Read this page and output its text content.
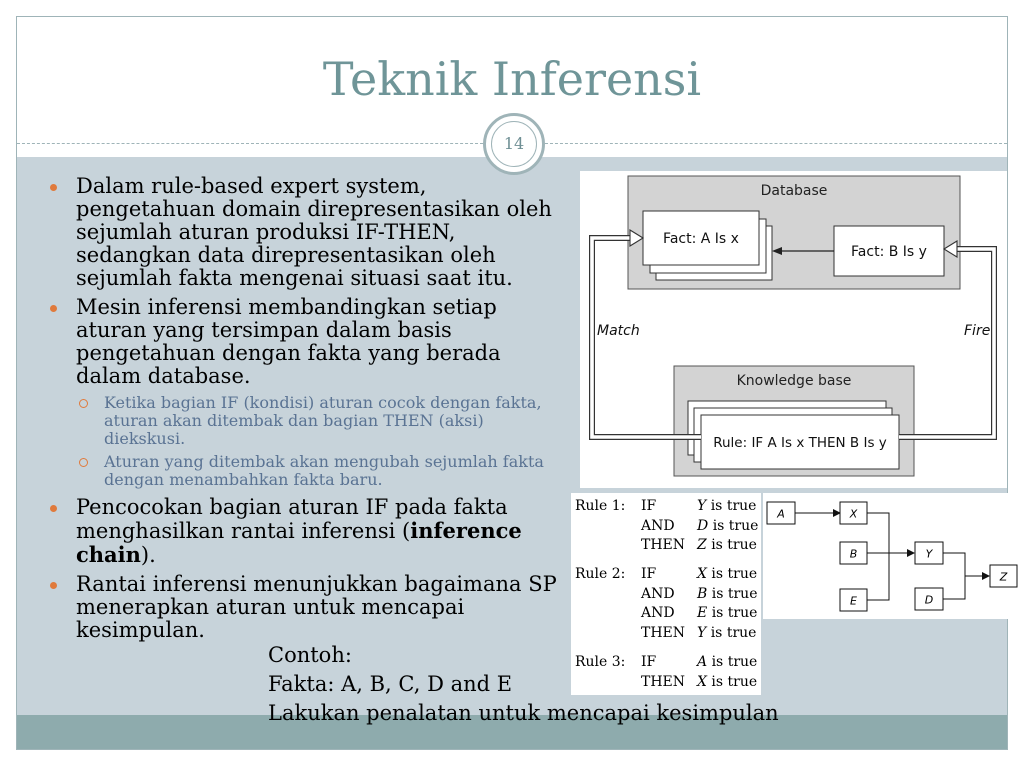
Teknik Inferensi
14
Dalam rule-based expert system, pengetahuan domain direpresentasikan oleh sejumlah aturan produksi IF-THEN, sedangkan data direpresentasikan oleh sejumlah fakta mengenai situasi saat itu.
Mesin inferensi membandingkan setiap aturan yang tersimpan dalam basis pengetahuan dengan fakta yang berada dalam database.
Ketika bagian IF (kondisi) aturan cocok dengan fakta, aturan akan ditembak dan bagian THEN (aksi) diekskusi.
Aturan yang ditembak akan mengubah sejumlah fakta dengan menambahkan fakta baru.
Pencocokan bagian aturan IF pada fakta menghasilkan rantai inferensi (inference chain).
Rantai inferensi menunjukkan bagaimana SP menerapkan aturan untuk mencapai kesimpulan.
Contoh:
Fakta: A, B, C, D and E
Lakukan penalatan untuk mencapai kesimpulan
Database
Fact: A Is x
Fact: B Is y
Knowledge base
Rule: IF A Is x THEN B Is y
Match	Fire
Rule 1: IF	Y is true
AND D is true
THEN Z is true
Rule 2: IF	X is true
AND B is true
AND E is true
THEN Y is true
Rule 3: IF	A is true
THEN X is true
A	X
B	Y
E	D
Z
